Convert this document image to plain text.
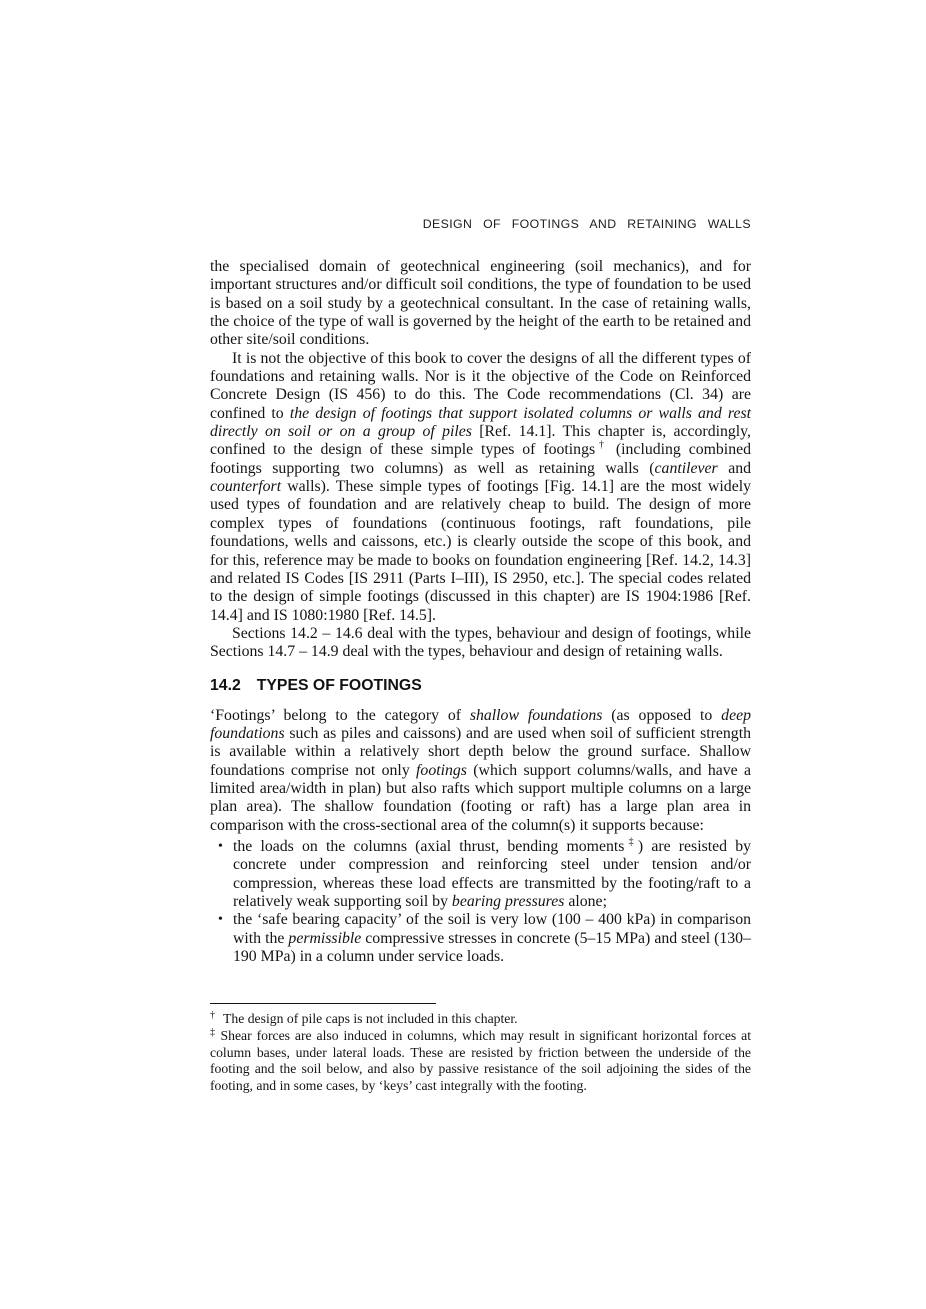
DESIGN OF FOOTINGS AND RETAINING WALLS

the specialised domain of geotechnical engineering (soil mechanics), and for important structures and/or difficult soil conditions, the type of foundation to be used is based on a soil study by a geotechnical consultant. In the case of retaining walls, the choice of the type of wall is governed by the height of the earth to be retained and other site/soil conditions.

It is not the objective of this book to cover the designs of all the different types of foundations and retaining walls. Nor is it the objective of the Code on Reinforced Concrete Design (IS 456) to do this. The Code recommendations (Cl. 34) are confined to the design of footings that support isolated columns or walls and rest directly on soil or on a group of piles [Ref. 14.1]. This chapter is, accordingly, confined to the design of these simple types of footings† (including combined footings supporting two columns) as well as retaining walls (cantilever and counterfort walls). These simple types of footings [Fig. 14.1] are the most widely used types of foundation and are relatively cheap to build. The design of more complex types of foundations (continuous footings, raft foundations, pile foundations, wells and caissons, etc.) is clearly outside the scope of this book, and for this, reference may be made to books on foundation engineering [Ref. 14.2, 14.3] and related IS Codes [IS 2911 (Parts I–III), IS 2950, etc.]. The special codes related to the design of simple footings (discussed in this chapter) are IS 1904:1986 [Ref. 14.4] and IS 1080:1980 [Ref. 14.5].

Sections 14.2 – 14.6 deal with the types, behaviour and design of footings, while Sections 14.7 – 14.9 deal with the types, behaviour and design of retaining walls.

14.2 TYPES OF FOOTINGS

‘Footings’ belong to the category of shallow foundations (as opposed to deep foundations such as piles and caissons) and are used when soil of sufficient strength is available within a relatively short depth below the ground surface. Shallow foundations comprise not only footings (which support columns/walls, and have a limited area/width in plan) but also rafts which support multiple columns on a large plan area). The shallow foundation (footing or raft) has a large plan area in comparison with the cross-sectional area of the column(s) it supports because:

• the loads on the columns (axial thrust, bending moments‡) are resisted by concrete under compression and reinforcing steel under tension and/or compression, whereas these load effects are transmitted by the footing/raft to a relatively weak supporting soil by bearing pressures alone;
• the ‘safe bearing capacity’ of the soil is very low (100 – 400 kPa) in comparison with the permissible compressive stresses in concrete (5–15 MPa) and steel (130–190 MPa) in a column under service loads.

† The design of pile caps is not included in this chapter.

‡ Shear forces are also induced in columns, which may result in significant horizontal forces at column bases, under lateral loads. These are resisted by friction between the underside of the footing and the soil below, and also by passive resistance of the soil adjoining the sides of the footing, and in some cases, by ‘keys’ cast integrally with the footing.
